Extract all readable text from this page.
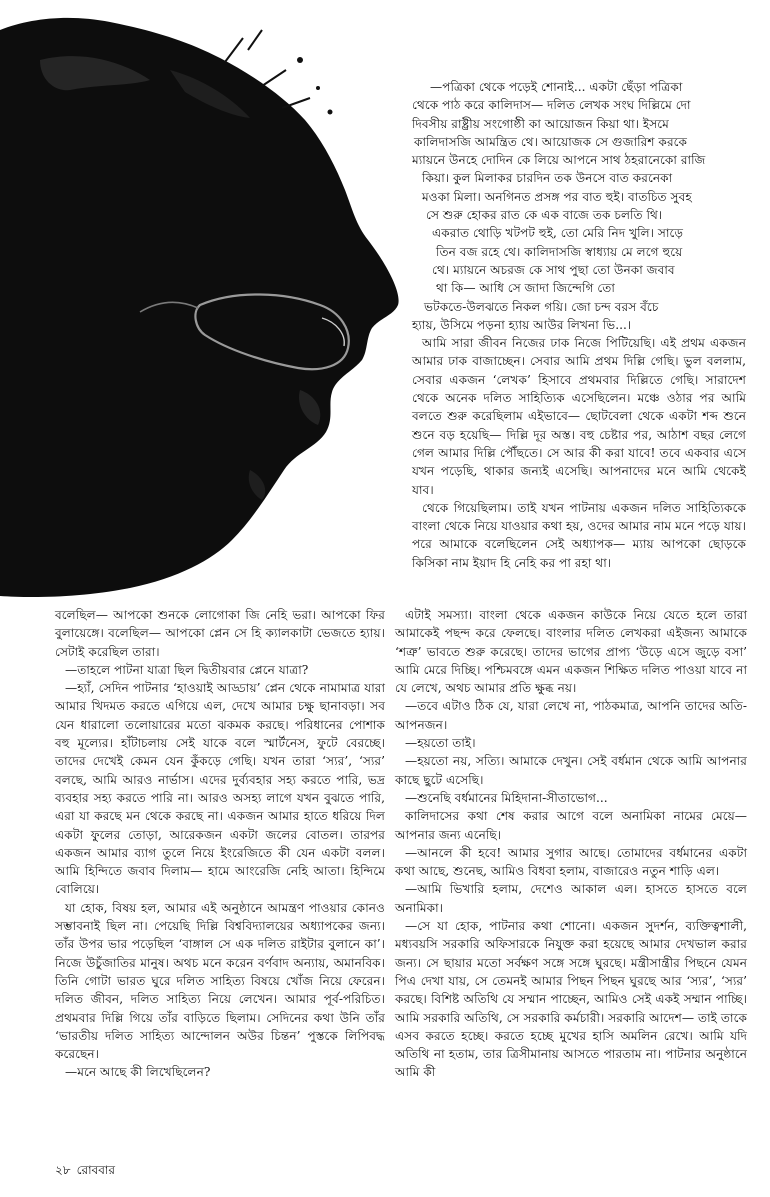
—পত্রিকা থেকে পড়েই শোনাই... একটা ছেঁড়া পত্রিকা
থেকে পাঠ করে কালিদাস— দলিত লেখক সংঘ দিল্লিমে দো
দিবসীয় রাষ্ট্রীয় সংগোষ্ঠী কা আয়োজন কিয়া থা। ইসমে
কালিদাসজি আমন্ত্রিত থে। আয়োজক সে গুজারিশ করকে
ম্যায়নে উনহে দোদিন কে লিয়ে আপনে সাথ ঠহরানেকো রাজি
কিয়া। কুল মিলাকর চারদিন তক উনসে বাত করনেকা
মওকা মিলা। অনগিনত প্রসঙ্গ পর বাত হুই। বাতচিত সুবহ
সে শুরু হোকর রাত কে এক বাজে তক চলতি থি।
একরাত থোড়ি খটপট হুই, তো মেরি নিদ খুলি। সাড়ে
তিন বজ রহে থে। কালিদাসজি স্বাধ্যায় মে লগে হুয়ে
থে। ম্যায়নে অচরজ কে সাথ পুছা তো উনকা জবাব
থা কি— আধি সে জাদা জিন্দেগি তো
ভটকতে-উলঝতে নিকল গয়ি। জো চন্দ বরস বঁচে
হ্যায়, উসিমে পড়না হ্যায় আউর লিখনা ভি...।

আমি সারা জীবন নিজের ঢাক নিজে পিটিয়েছি। এই প্রথম একজন আমার ঢাক বাজাচ্ছেন। সেবার আমি প্রথম দিল্লি গেছি। ভুল বললাম, সেবার একজন ‘লেখক’ হিসাবে প্রথমবার দিল্লিতে গেছি। সারাদেশ থেকে অনেক দলিত সাহিত্যিক এসেছিলেন। মঞ্চে ওঠার পর আমি বলতে শুরু করেছিলাম এইভাবে— ছোটবেলা থেকে একটা শব্দ শুনে শুনে বড় হয়েছি— দিল্লি দূর অস্ত। বহু চেষ্টার পর, আঠাশ বছর লেগে গেল আমার দিল্লি পৌঁছতে। সে আর কী করা যাবে! তবে একবার এসে যখন পড়েছি, থাকার জন্যই এসেছি। আপনাদের মনে আমি থেকেই যাব।

থেকে গিয়েছিলাম। তাই যখন পাটনায় একজন দলিত সাহিত্যিককে বাংলা থেকে নিয়ে যাওয়ার কথা হয়, ওদের আমার নাম মনে পড়ে যায়। পরে আমাকে বলেছিলেন সেই অধ্যাপক— ম্যায় আপকো ছোড়কে কিসিকা নাম ইয়াদ হি নেহি কর পা রহা থা।

বলেছিল— আপকো শুনকে লোগোকা জি নেহি ভরা। আপকো ফির বুলায়েঙ্গে। বলেছিল— আপকো প্লেন সে হি ক্যালকাটা ভেজতে হ্যায়। সেটাই করেছিল তারা।

—তাহলে পাটনা যাত্রা ছিল দ্বিতীয়বার প্লেনে যাত্রা?

—হ্যাঁ, সেদিন পাটনার ‘হাওয়াই আড্ডায়’ প্লেন থেকে নামামাত্র যারা আমার খিদমত করতে এগিয়ে এল, দেখে আমার চক্ষু ছানাবড়া। সব যেন ধারালো তলোয়ারের মতো ঝকমক করছে। পরিধানের পোশাক বহু মূল্যের। হাঁটাচলায় সেই যাকে বলে স্মার্টনেস, ফুটে বেরচ্ছে। তাদের দেখেই কেমন যেন কুঁকড়ে গেছি। যখন তারা ‘স্যর’, ‘স্যর’ বলছে, আমি আরও নার্ভাস। এদের দুর্ব্যবহার সহ্য করতে পারি, ভদ্র ব্যবহার সহ্য করতে পারি না। আরও অসহ্য লাগে যখন বুঝতে পারি, এরা যা করছে মন থেকে করছে না। একজন আমার হাতে ধরিয়ে দিল একটা ফুলের তোড়া, আরেকজন একটা জলের বোতল। তারপর একজন আমার ব্যাগ তুলে নিয়ে ইংরেজিতে কী যেন একটা বলল। আমি হিন্দিতে জবাব দিলাম— হামে আংরেজি নেহি আতা। হিন্দিমে বোলিয়ে।

যা হোক, বিষয় হল, আমার এই অনুষ্ঠানে আমন্ত্রণ পাওয়ার কোনও সম্ভাবনাই ছিল না। পেয়েছি দিল্লি বিশ্ববিদ্যালয়ের অধ্যাপকের জন্য। তাঁর উপর ভার পড়েছিল ‘বাঙ্গাল সে এক দলিত রাইটার বুলানে কা’। নিজে উচুঁজাতির মানুষ। অথচ মনে করেন বর্ণবাদ অন্যায়, অমানবিক। তিনি গোটা ভারত ঘুরে দলিত সাহিত্য বিষয়ে খোঁজ নিয়ে ফেরেন। দলিত জীবন, দলিত সাহিত্য নিয়ে লেখেন। আমার পূর্ব-পরিচিত। প্রথমবার দিল্লি গিয়ে তাঁর বাড়িতে ছিলাম। সেদিনের কথা উনি তাঁর ‘ভারতীয় দলিত সাহিত্য আন্দোলন অউর চিন্তন’ পুস্তকে লিপিবদ্ধ করেছেন।

—মনে আছে কী লিখেছিলেন?

এটাই সমস্যা। বাংলা থেকে একজন কাউকে নিয়ে যেতে হলে তারা আমাকেই পছন্দ করে ফেলছে। বাংলার দলিত লেখকরা এইজন্য আমাকে ‘শত্রু’ ভাবতে শুরু করেছে। তাদের ভাগের প্রাপ্য ‘উড়ে এসে জুড়ে বসা’ আমি মেরে দিচ্ছি। পশ্চিমবঙ্গে এমন একজন শিক্ষিত দলিত পাওয়া যাবে না যে লেখে, অথচ আমার প্রতি ক্ষুব্ধ নয়।

—তবে এটাও ঠিক যে, যারা লেখে না, পাঠকমাত্র, আপনি তাদের অতি-আপনজন।

—হয়তো তাই।

—হয়তো নয়, সত্যি। আমাকে দেখুন। সেই বর্ধমান থেকে আমি আপনার কাছে ছুটে এসেছি।

—শুনেছি বর্ধমানের মিহিদানা-সীতাভোগ...

কালিদাসের কথা শেষ করার আগে বলে অনামিকা নামের মেয়ে— আপনার জন্য এনেছি।

—আনলে কী হবে! আমার সুগার আছে। তোমাদের বর্ধমানের একটা কথা আছে, শুনেছ, আমিও বিধবা হলাম, বাজারেও নতুন শাড়ি এল।

—আমি ভিখারি হলাম, দেশেও আকাল এল। হাসতে হাসতে বলে অনামিকা।

—সে যা হোক, পাটনার কথা শোনো। একজন সুদর্শন, ব্যক্তিত্বশালী, মধ্যবয়সি সরকারি অফিসারকে নিযুক্ত করা হয়েছে আমার দেখভাল করার জন্য। সে ছায়ার মতো সর্বক্ষণ সঙ্গে সঙ্গে ঘুরছে। মন্ত্রীসান্ত্রীর পিছনে যেমন পিএ দেখা যায়, সে তেমনই আমার পিছন পিছন ঘুরছে আর ‘স্যর’, ‘স্যর’ করছে। বিশিষ্ট অতিথি যে সম্মান পাচ্ছেন, আমিও সেই একই সম্মান পাচ্ছি। আমি সরকারি অতিথি, সে সরকারি কর্মচারী। সরকারি আদেশ— তাই তাকে এসব করতে হচ্ছে। করতে হচ্ছে মুখের হাসি অমলিন রেখে। আমি যদি অতিথি না হতাম, তার ত্রিসীমানায় আসতে পারতাম না। পাটনার অনুষ্ঠানে আমি কী

২৮ রোববার
